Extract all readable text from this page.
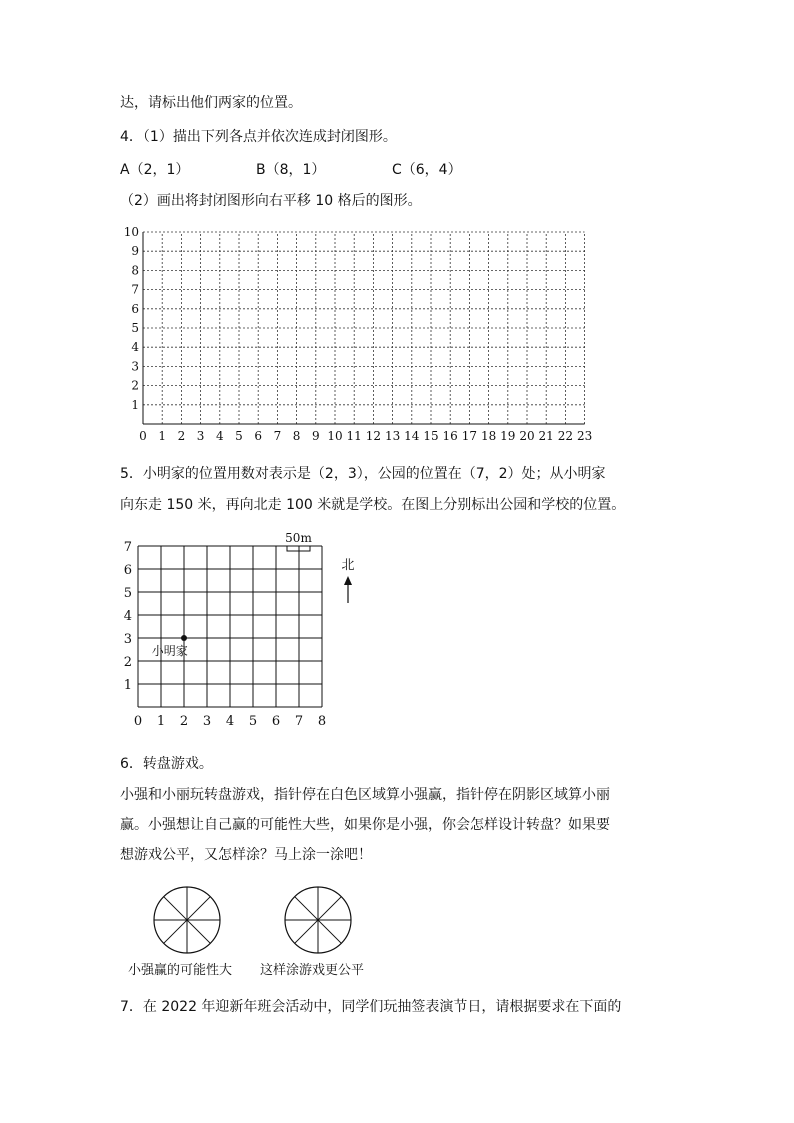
达，请标出他们两家的位置。
4．（1）描出下列各点并依次连成封闭图形。
A（2，1）	B（8，1）	C（6，4）
（2）画出将封闭图形向右平移 10 格后的图形。
0 1 2 3 4 5 6 7 8 9 10 11 12 13 14 15 16 17 18 19 20 21 22 23
1
2
3
4
5
6
7
8
9
10
5．小明家的位置用数对表示是（2，3），公园的位置在（7，2）处；从小明家
向东走 150 米，再向北走 100 米就是学校。在图上分别标出公园和学校的位置。
0 1 2 3 4 5 6 7 8
1
2
3
4
5
6
7
小明家
50m
北
6．转盘游戏。
小强和小丽玩转盘游戏，指针停在白色区域算小强赢，指针停在阴影区域算小丽
赢。小强想让自己赢的可能性大些，如果你是小强，你会怎样设计转盘？如果要
想游戏公平，又怎样涂？马上涂一涂吧！
小强赢的可能性大 这样涂游戏更公平
7．在 2022 年迎新年班会活动中，同学们玩抽签表演节日，请根据要求在下面的
